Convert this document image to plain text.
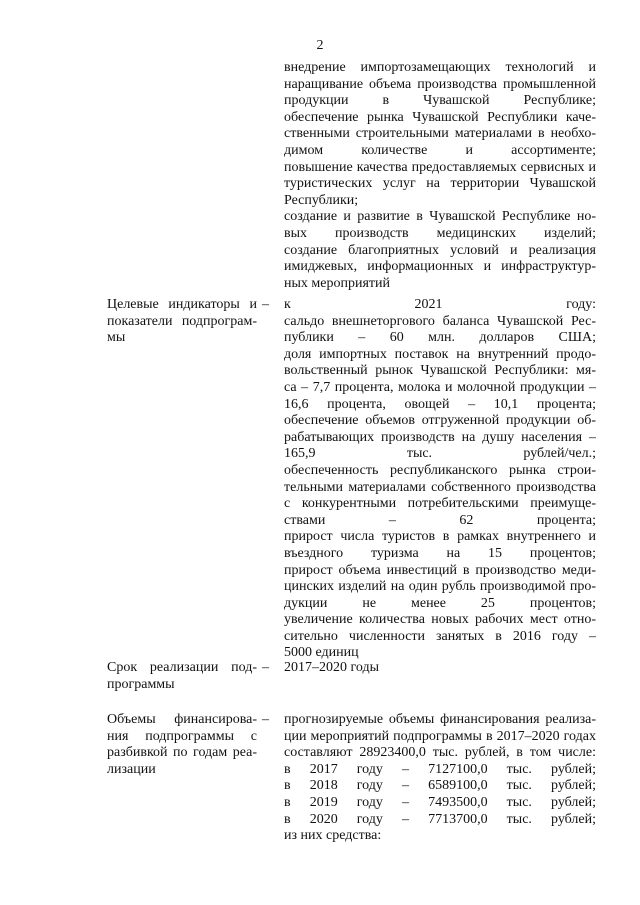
2
внедрение импортозамещающих технологий и
наращивание объема производства промышленной
продукции в Чувашской Республике;
обеспечение рынка Чувашской Республики каче-
ственными строительными материалами в необхо-
димом количестве и ассортименте;
повышение качества предоставляемых сервисных и
туристических услуг на территории Чувашской
Республики;
создание и развитие в Чувашской Республике но-
вых производств медицинских изделий;
создание благоприятных условий и реализация
имиджевых, информационных и инфраструктур-
ных мероприятий
Целевые индикаторы и
показатели подпрограм-
мы
– к 2021 году:
сальдо внешнеторгового баланса Чувашской Рес-
публики – 60 млн. долларов США;
доля импортных поставок на внутренний продо-
вольственный рынок Чувашской Республики: мя-
са – 7,7 процента, молока и молочной продукции –
16,6 процента, овощей – 10,1 процента;
обеспечение объемов отгруженной продукции об-
рабатывающих производств на душу населения –
165,9 тыс. рублей/чел.;
обеспеченность республиканского рынка строи-
тельными материалами собственного производства
с конкурентными потребительскими преимуще-
ствами – 62 процента;
прирост числа туристов в рамках внутреннего и
въездного туризма на 15 процентов;
прирост объема инвестиций в производство меди-
цинских изделий на один рубль производимой про-
дукции не менее 25 процентов;
увеличение количества новых рабочих мест отно-
сительно численности занятых в 2016 году –
5000 единиц
Срок реализации под-
программы
– 2017–2020 годы
Объемы финансирова-
ния подпрограммы с
разбивкой по годам реа-
лизации
– прогнозируемые объемы финансирования реализа-
ции мероприятий подпрограммы в 2017–2020 годах
составляют 28923400,0 тыс. рублей, в том числе:
в 2017 году – 7127100,0 тыс. рублей;
в 2018 году – 6589100,0 тыс. рублей;
в 2019 году – 7493500,0 тыс. рублей;
в 2020 году – 7713700,0 тыс. рублей;
из них средства:
